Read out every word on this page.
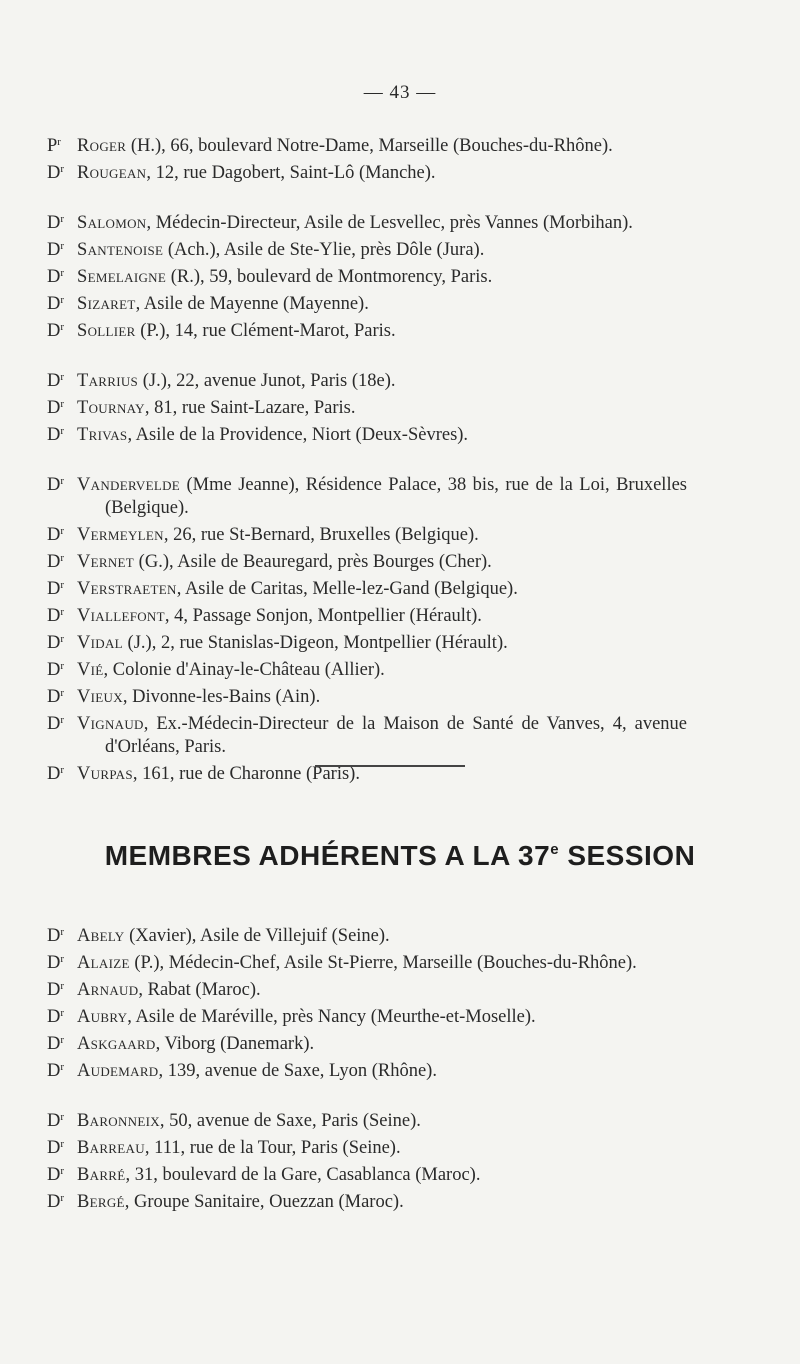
— 43 —
$P^r$ Roger (H.), 66, boulevard Notre-Dame, Marseille (Bouches-du-Rhône).
$D^r$ Rougean, 12, rue Dagobert, Saint-Lô (Manche).
$D^r$ Salomon, Médecin-Directeur, Asile de Lesvellec, près Vannes (Morbihan).
$D^r$ Santenoise (Ach.), Asile de Ste-Ylie, près Dôle (Jura).
$D^r$ Semelaigne (R.), 59, boulevard de Montmorency, Paris.
$D^r$ Sizaret, Asile de Mayenne (Mayenne).
$D^r$ Sollier (P.), 14, rue Clément-Marot, Paris.
$D^r$ Tarrius (J.), 22, avenue Junot, Paris (18e).
$D^r$ Tournay, 81, rue Saint-Lazare, Paris.
$D^r$ Trivas, Asile de la Providence, Niort (Deux-Sèvres).
$D^r$ Vandervelde (Mme Jeanne), Résidence Palace, 38 bis, rue de la Loi, Bruxelles (Belgique).
$D^r$ Vermeylen, 26, rue St-Bernard, Bruxelles (Belgique).
$D^r$ Vernet (G.), Asile de Beauregard, près Bourges (Cher).
$D^r$ Verstraeten, Asile de Caritas, Melle-lez-Gand (Belgique).
$D^r$ Viallefont, 4, Passage Sonjon, Montpellier (Hérault).
$D^r$ Vidal (J.), 2, rue Stanislas-Digeon, Montpellier (Hérault).
$D^r$ Vié, Colonie d'Ainay-le-Château (Allier).
$D^r$ Vieux, Divonne-les-Bains (Ain).
$D^r$ Vignaud, Ex.-Médecin-Directeur de la Maison de Santé de Vanves, 4, avenue d'Orléans, Paris.
$D^r$ Vurpas, 161, rue de Charonne (Paris).
MEMBRES ADHÉRENTS A LA 37e SESSION
$D^r$ Abely (Xavier), Asile de Villejuif (Seine).
$D^r$ Alaize (P.), Médecin-Chef, Asile St-Pierre, Marseille (Bouches-du-Rhône).
$D^r$ Arnaud, Rabat (Maroc).
$D^r$ Aubry, Asile de Maréville, près Nancy (Meurthe-et-Moselle).
$D^r$ Askgaard, Viborg (Danemark).
$D^r$ Audemard, 139, avenue de Saxe, Lyon (Rhône).
$D^r$ Baronneix, 50, avenue de Saxe, Paris (Seine).
$D^r$ Barreau, 111, rue de la Tour, Paris (Seine).
$D^r$ Barré, 31, boulevard de la Gare, Casablanca (Maroc).
$D^r$ Bergé, Groupe Sanitaire, Ouezzan (Maroc).
